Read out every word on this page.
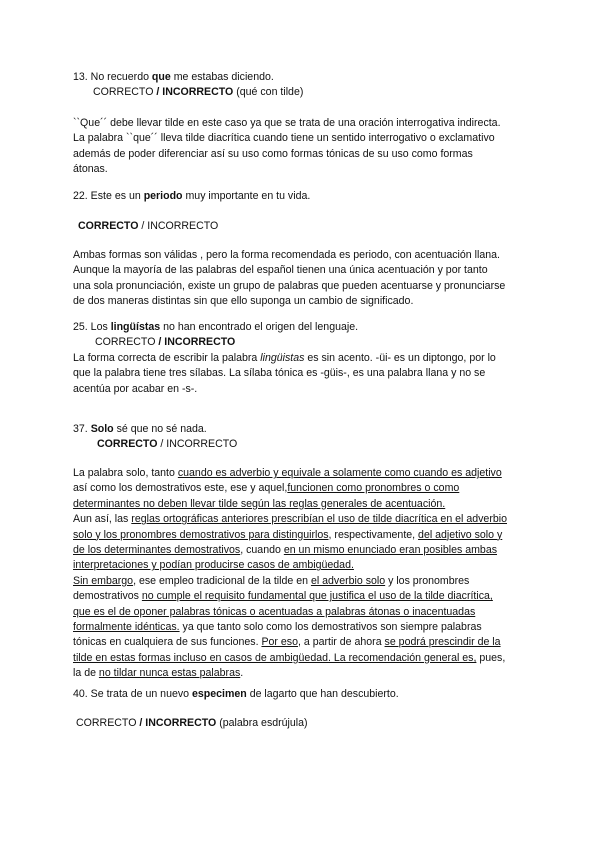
13. No recuerdo que me estabas diciendo.
CORRECTO / INCORRECTO (qué con tilde)
``Que´´ debe llevar tilde en este caso ya que se trata de una oración interrogativa indirecta.
La palabra ``que´´ lleva tilde diacrítica cuando tiene un sentido interrogativo o exclamativo
además de poder diferenciar así su uso como formas tónicas de su uso como formas
átonas.
22. Este es un periodo muy importante en tu vida.
CORRECTO / INCORRECTO
Ambas formas son válidas , pero la forma recomendada es periodo, con acentuación llana.
Aunque la mayoría de las palabras del español tienen una única acentuación y por tanto
una sola pronunciación, existe un grupo de palabras que pueden acentuarse y pronunciarse
de dos maneras distintas sin que ello suponga un cambio de significado.
25. Los lingüístas no han encontrado el origen del lenguaje.
CORRECTO / INCORRECTO
La forma correcta de escribir la palabra lingüistas es sin acento. -üi- es un diptongo, por lo
que la palabra tiene tres sílabas. La sílaba tónica es -güis-, es una palabra llana y no se
acentúa por acabar en -s-.
37. Solo sé que no sé nada.
CORRECTO / INCORRECTO
La palabra solo, tanto cuando es adverbio y equivale a solamente como cuando es adjetivo
así como los demostrativos este, ese y aquel,funcionen como pronombres o como
determinantes no deben llevar tilde según las reglas generales de acentuación.
Aun así, las reglas ortográficas anteriores prescribían el uso de tilde diacrítica en el adverbio
solo y los pronombres demostrativos para distinguirlos, respectivamente, del adjetivo solo y
de los determinantes demostrativos, cuando en un mismo enunciado eran posibles ambas
interpretaciones y podían producirse casos de ambigüedad.
Sin embargo, ese empleo tradicional de la tilde en el adverbio solo y los pronombres
demostrativos no cumple el requisito fundamental que justifica el uso de la tilde diacrítica,
que es el de oponer palabras tónicas o acentuadas a palabras átonas o inacentuadas
formalmente idénticas. ya que tanto solo como los demostrativos son siempre palabras
tónicas en cualquiera de sus funciones. Por eso, a partir de ahora se podrá prescindir de la
tilde en estas formas incluso en casos de ambigüedad. La recomendación general es, pues,
la de no tildar nunca estas palabras.
40. Se trata de un nuevo especimen de lagarto que han descubierto.
CORRECTO / INCORRECTO (palabra esdrújula)
